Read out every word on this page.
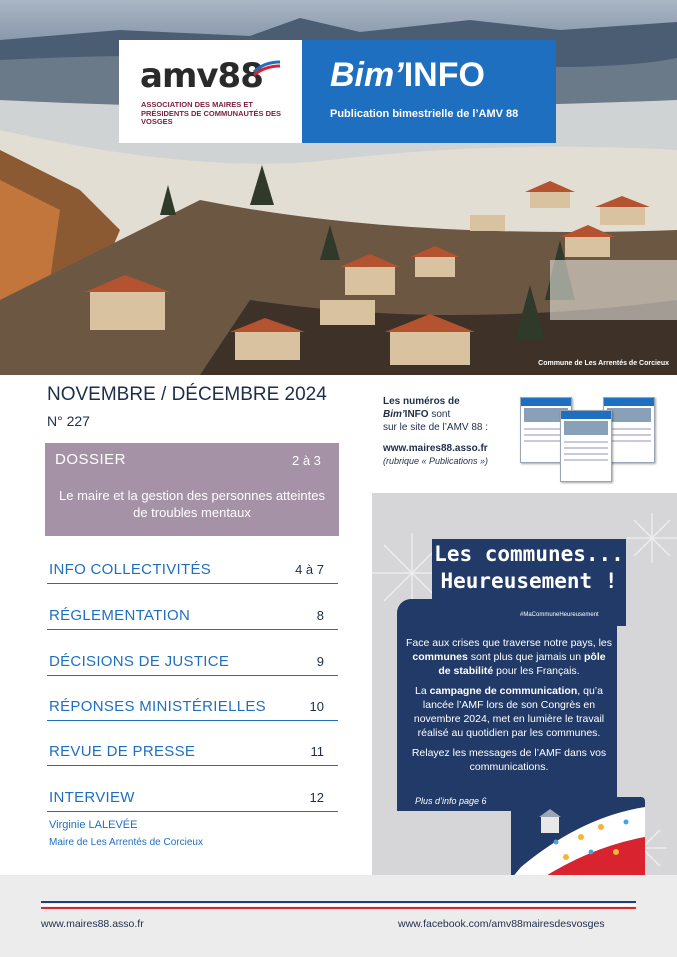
Commune de Les Arrentés de Corcieux
amv88
ASSOCIATION DES MAIRES ET PRÉSIDENTS DE COMMUNAUTÉS DES VOSGES
Bim’INFO
Publication bimestrielle de l’AMV 88
NOVEMBRE / DÉCEMBRE 2024
N° 227
DOSSIER	2 à 3
Le maire et la gestion des personnes atteintes de troubles mentaux
INFO COLLECTIVITÉS	4 à 7
RÉGLEMENTATION	8
DÉCISIONS DE JUSTICE	9
RÉPONSES MINISTÉRIELLES	10
REVUE DE PRESSE	11
INTERVIEW	12
Virginie LALEVÉE
Maire de Les Arrentés de Corcieux
Les numéros de
Bim’INFO sont
sur le site de l’AMV 88 :
www.maires88.asso.fr
(rubrique « Publications »)
Les communes...
Heureusement !
#MaCommuneHeureusement

Face aux crises que traverse notre pays, les communes sont plus que jamais un pôle de stabilité pour les Français.

La campagne de communication, qu’a lancée l’AMF lors de son Congrès en novembre 2024, met en lumière le travail réalisé au quotidien par les communes.

Relayez les messages de l’AMF dans vos communications.

Plus d’info page 6
www.maires88.asso.fr	www.facebook.com/amv88mairesdesvosges
